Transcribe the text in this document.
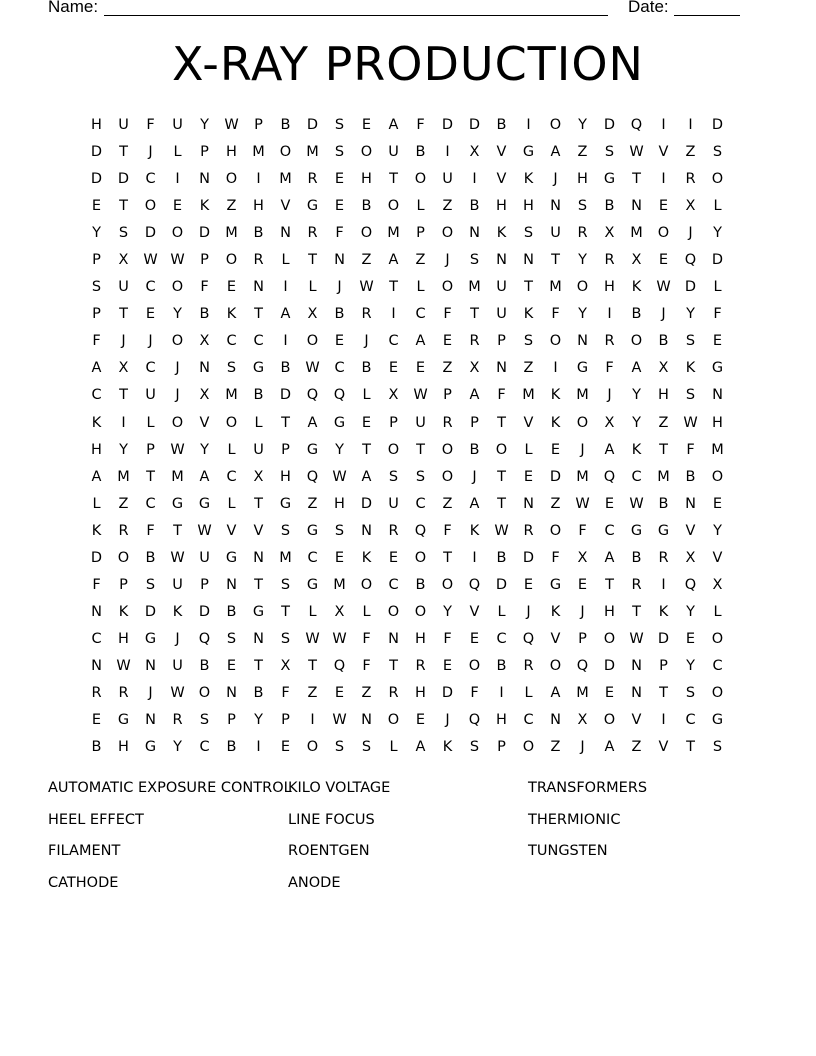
Name:	Date:
X-RAY PRODUCTION
H	U	F	U	Y	W	P	B	D	S	E	A	F	D	D	B	I	O	Y	D	Q	I	I	D
D	T	J	L	P	H	M	O	M	S	O	U	B	I	X	V	G	A	Z	S	W	V	Z	S
D	D	C	I	N	O	I	M	R	E	H	T	O	U	I	V	K	J	H	G	T	I	R	O
E	T	O	E	K	Z	H	V	G	E	B	O	L	Z	B	H	H	N	S	B	N	E	X	L
Y	S	D	O	D	M	B	N	R	F	O	M	P	O	N	K	S	U	R	X	M	O	J	Y
P	X	W W	P	O	R	L	T	N	Z	A	Z	J	S	N	N	T	Y	R	X	E	Q	D
S	U	C	O	F	E	N	I	L	J	W	T	L	O	M	U	T	M	O	H	K	W D	L
P	T	E	Y	B	K	T	A	X	B	R	I	C	F	T	U	K	F	Y	I	B	J	Y	F
F	J	J	O	X	C	C	I	O	E	J	C	A	E	R	P	S	O	N	R	O	B	S	E
A	X	C	J	N	S	G	B	W	C	B	E	E	Z	X	N	Z	I	G	F	A	X	K	G
C	T	U	J	X	M	B	D	Q	Q	L	X	W	P	A	F	M	K	M	J	Y	H	S	N
K	I	L	O	V	O	L	T	A	G	E	P	U	R	P	T	V	K	O	X	Y	Z	W H
H	Y	P	W	Y	L	U	P	G	Y	T	O	T	O	B	O	L	E	J	A	K	T	F	M
A	M	T	M	A	C	X	H	Q W	A	S	S	O	J	T	E	D	M	Q	C	M	B	O
L	Z	C	G	G	L	T	G	Z	H	D	U	C	Z	A	T	N	Z	W	E	W	B	N	E
K	R	F	T	W	V	V	S	G	S	N	R	Q	F	K	W	R	O	F	C	G	G	V	Y
D	O	B	W	U	G	N	M	C	E	K	E	O	T	I	B	D	F	X	A	B	R	X	V
F	P	S	U	P	N	T	S	G	M	O	C	B	O	Q	D	E	G	E	T	R	I	Q	X
N	K	D	K	D	B	G	T	L	X	L	O	O	Y	V	L	J	K	J	H	T	K	Y	L
C	H	G	J	Q	S	N	S	W W	F	N	H	F	E	C	Q	V	P	O W D	E	O
N W N	U	B	E	T	X	T	Q	F	T	R	E	O	B	R	O	Q	D	N	P	Y	C
R	R	J	W O	N	B	F	Z	E	Z	R	H	D	F	I	L	A	M	E	N	T	S	O
E	G	N	R	S	P	Y	P	I	W N	O	E	J	Q	H	C	N	X	O	V	I	C	G
B	H	G	Y	C	B	I	E	O	S	S	L	A	K	S	P	O	Z	J	A	Z	V	T	S
AUTOMATIC EXPOSURE CONTROL
HEEL EFFECT
FILAMENT
CATHODE
KILO VOLTAGE
LINE FOCUS
ROENTGEN
ANODE
TRANSFORMERS
THERMIONIC
TUNGSTEN
